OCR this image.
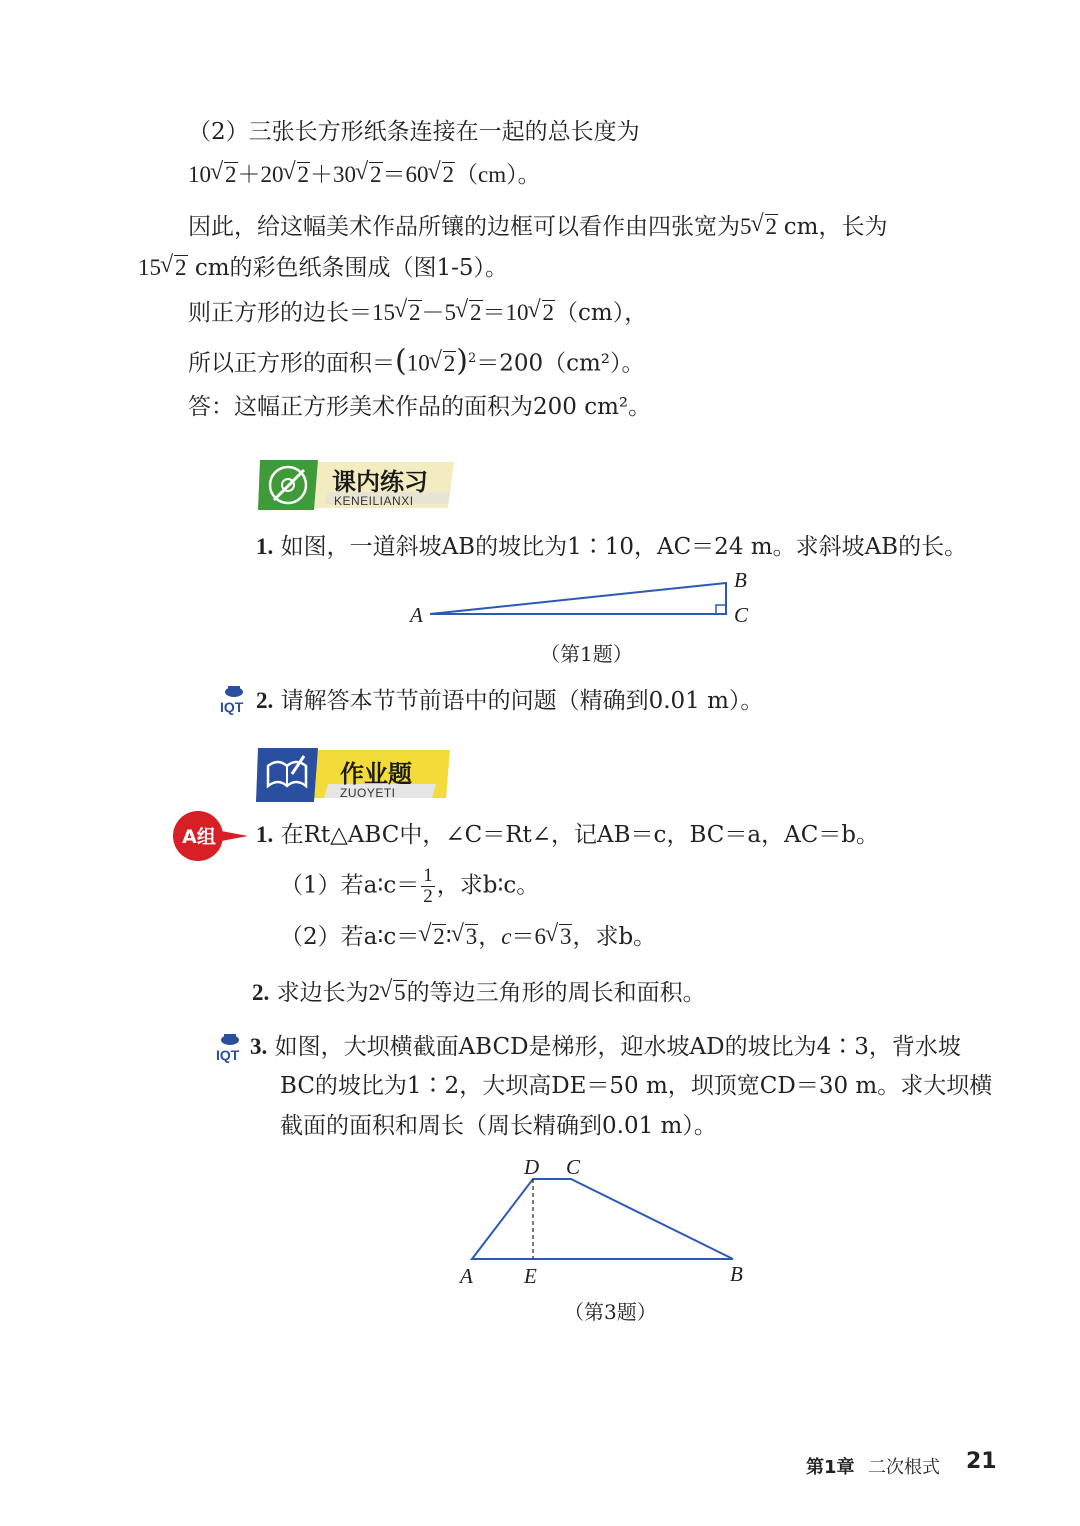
（2）三张长方形纸条连接在一起的总长度为
10 √ 2＋20 √ 2＋30 √ 2＝60 √ 2（cm）。
因此，给这幅美术作品所镶的边框可以看作由四张宽为5 √ 2 cm，长为
15 √ 2 cm的彩色纸条围成（图1-5）。
则正方形的边长＝15 √ 2－5 √ 2＝10 √ 2（cm），
所以正方形的面积＝(10 √ 2)$^2$＝200（cm²）。
答：这幅正方形美术作品的面积为200 cm²。
课内练习
KENEILIANXI
1. 如图，一道斜坡AB的坡比为1∶10，AC＝24 m。求斜坡AB的长。
A
B
C
（第1题）
IQT 2. 请解答本节节前语中的问题（精确到0.01 m）。
作业题
ZUOYETI
A组 1. 在Rt△ABC中，∠C＝Rt∠，记AB＝c，BC＝a，AC＝b。
（1）若a∶c＝ $\frac{1}{2}$ ，求b∶c。
（2）若a∶c＝ √ 2∶ √ 3，c＝6 √ 3，求b。
2. 求边长为2 √ 5的等边三角形的周长和面积。
IQT 3. 如图，大坝横截面ABCD是梯形，迎水坡AD的坡比为4∶3，背水坡
BC的坡比为1∶2，大坝高DE＝50 m，坝顶宽CD＝30 m。求大坝横
截面的面积和周长（周长精确到0.01 m）。
D C
A E	B
（第3题）
第1章 二次根式 21
